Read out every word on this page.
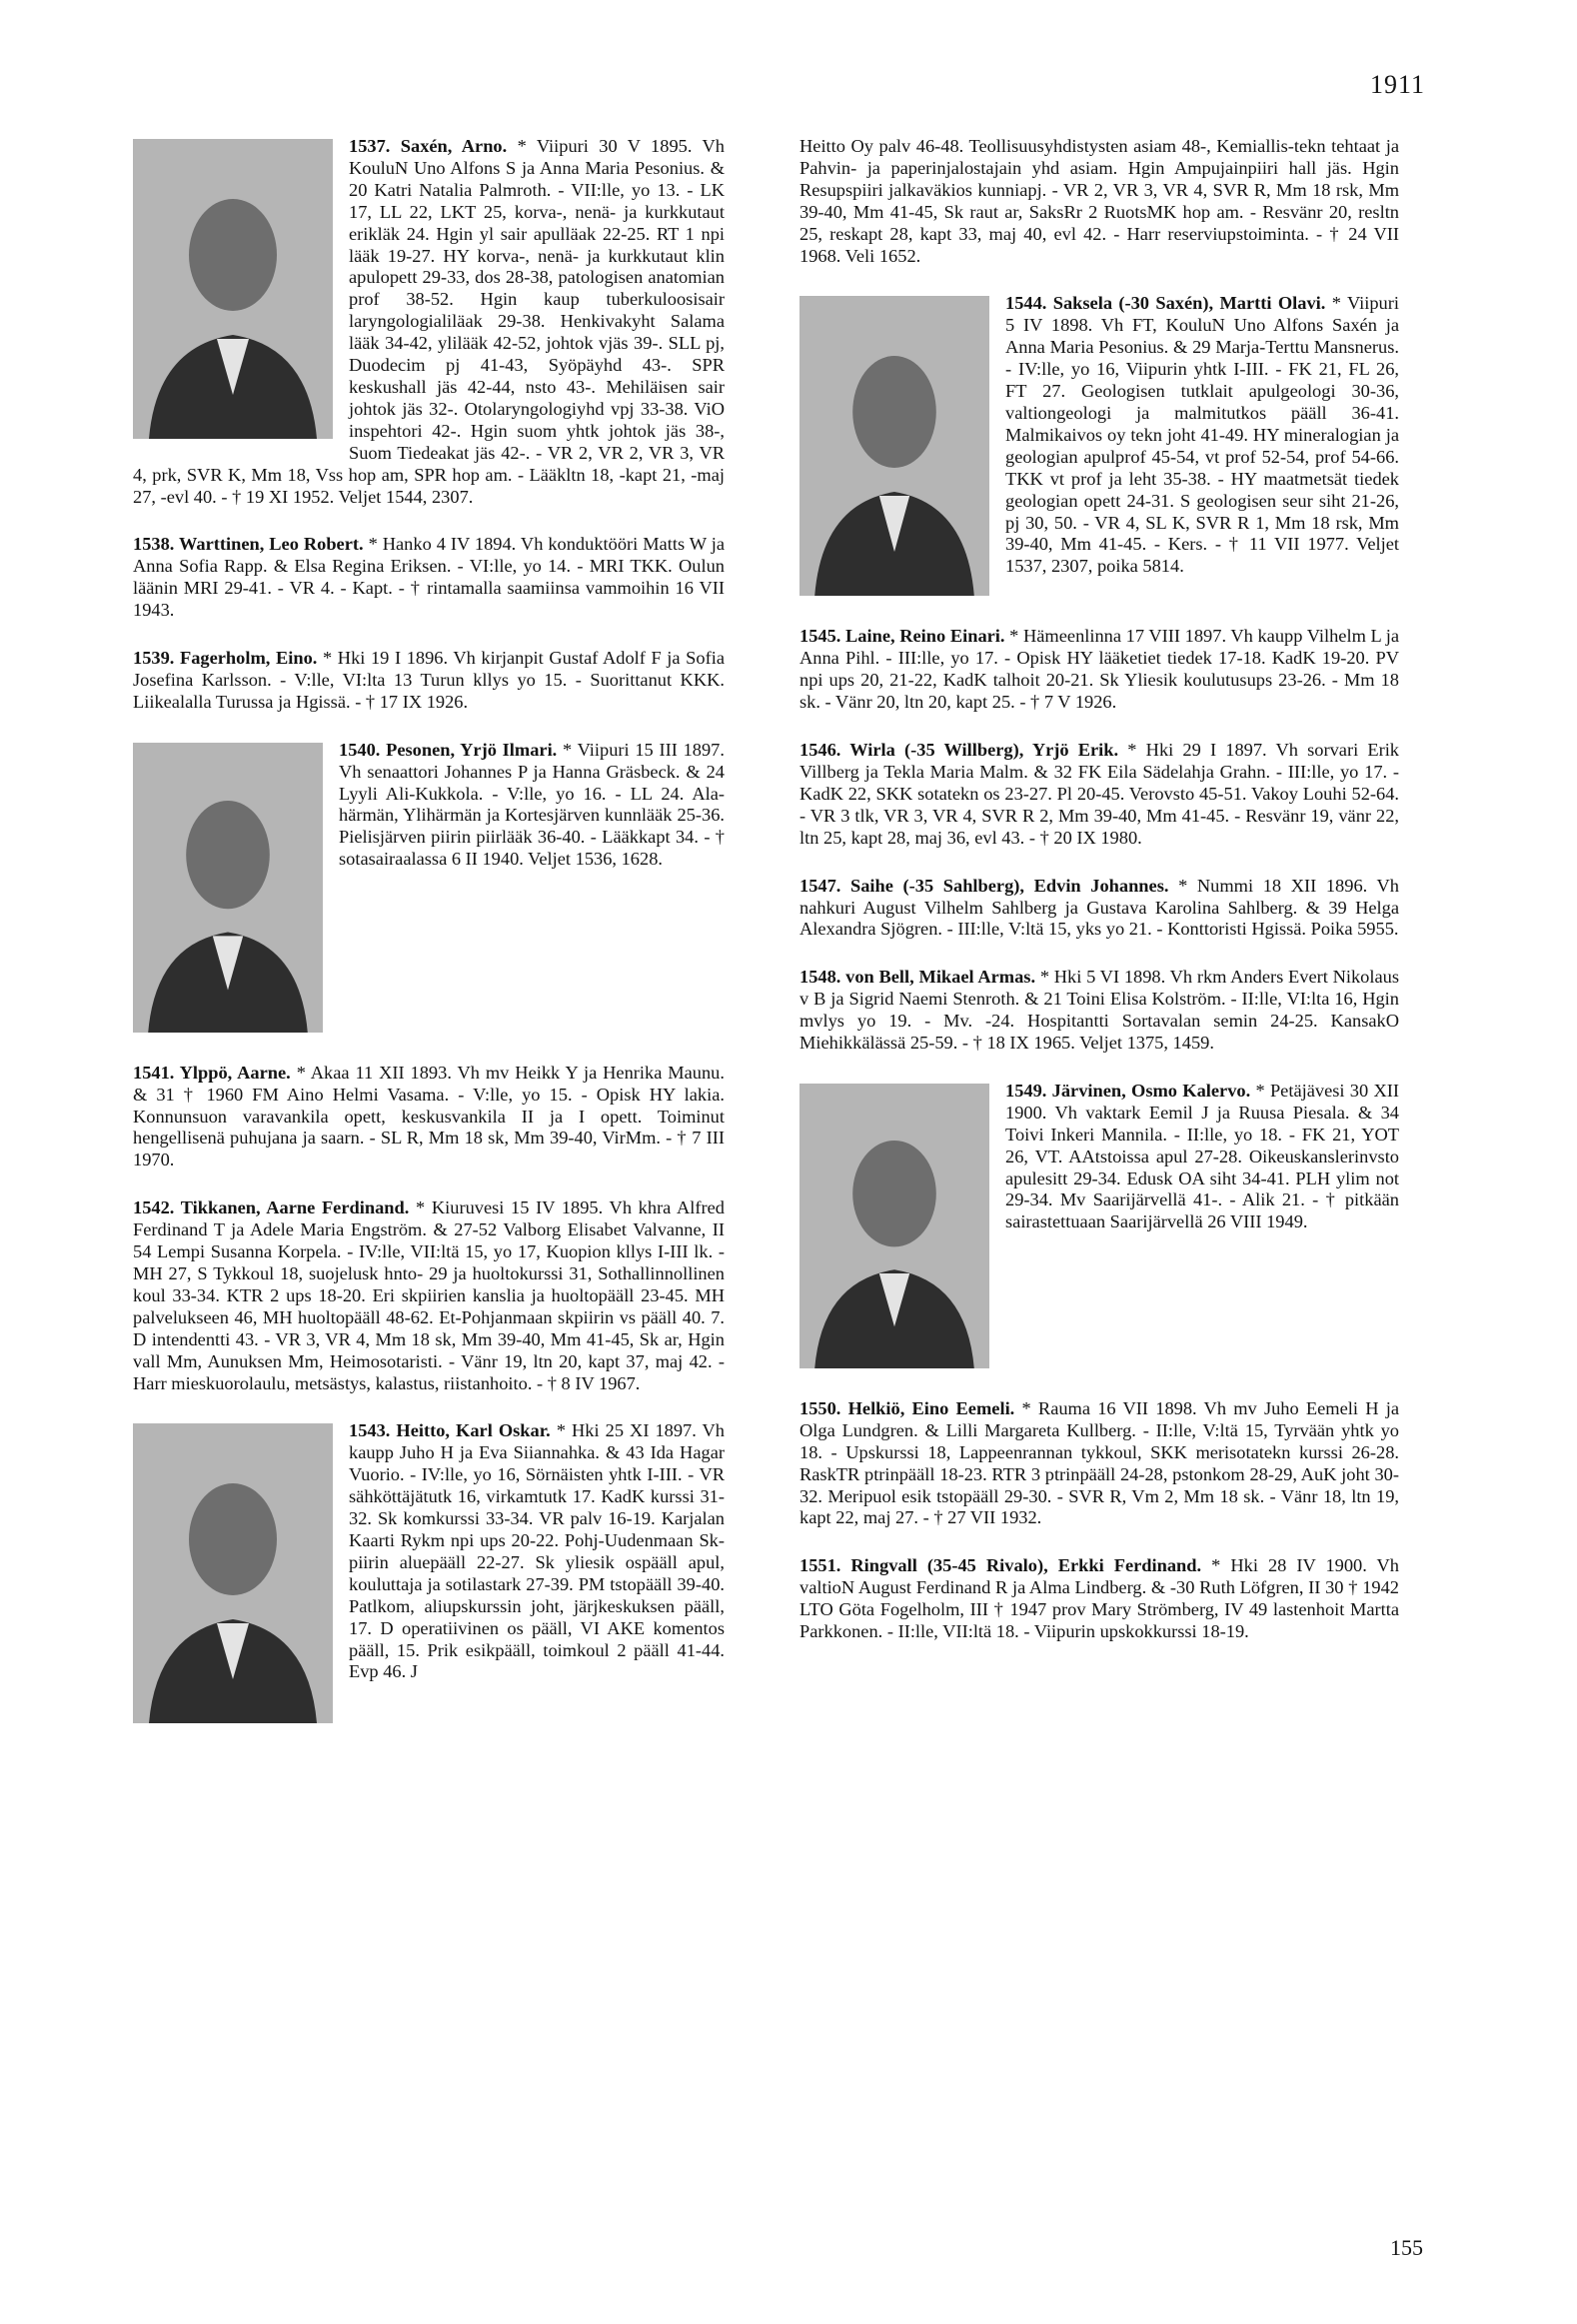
1911

1537. Saxén, Arno. * Viipuri 30 V 1895. Vh KouluN Uno Alfons S ja Anna Maria Pesonius. & 20 Katri Natalia Palmroth. - VII:lle, yo 13. - LK 17, LL 22, LKT 25, korva-, nenä- ja kurkkutaut erikläk 24. Hgin yl sair apulläak 22-25. RT 1 npi lääk 19-27. HY korva-, nenä- ja kurkkutaut klin apulopett 29-33, dos 28-38, patologisen anatomian prof 38-52. Hgin kaup tuberkuloosisair laryngologialiläak 29-38. Henkivakyht Salama lääk 34-42, ylilääk 42-52, johtok vjäs 39-. SLL pj, Duodecim pj 41-43, Syöpäyhd 43-. SPR keskushall jäs 42-44, nsto 43-. Mehiläisen sair johtok jäs 32-. Otolaryngologiyhd vpj 33-38. ViO inspehtori 42-. Hgin suom yhtk johtok jäs 38-, Suom Tiedeakat jäs 42-. - VR 2, VR 2, VR 3, VR 4, prk, SVR K, Mm 18, Vss hop am, SPR hop am. - Lääkltn 18, -kapt 21, -maj 27, -evl 40. - † 19 XI 1952. Veljet 1544, 2307.

1538. Warttinen, Leo Robert. * Hanko 4 IV 1894. Vh konduktööri Matts W ja Anna Sofia Rapp. & Elsa Regina Eriksen. - VI:lle, yo 14. - MRI TKK. Oulun läänin MRI 29-41. - VR 4. - Kapt. - † rintamalla saamiinsa vammoihin 16 VII 1943.

1539. Fagerholm, Eino. * Hki 19 I 1896. Vh kirjanpit Gustaf Adolf F ja Sofia Josefina Karlsson. - V:lle, VI:lta 13 Turun kllys yo 15. - Suorittanut KKK. Liikealalla Turussa ja Hgissä. - † 17 IX 1926.

1540. Pesonen, Yrjö Ilmari. * Viipuri 15 III 1897. Vh senaattori Johannes P ja Hanna Gräsbeck. & 24 Lyyli Ali-Kukkola. - V:lle, yo 16. - LL 24. Ala-härmän, Ylihärmän ja Kortesjärven kunnlääk 25-36. Pielisjärven piirin piirlääk 36-40. - Lääkkapt 34. - † sotasairaalassa 6 II 1940. Veljet 1536, 1628.

1541. Ylppö, Aarne. * Akaa 11 XII 1893. Vh mv Heikk Y ja Henrika Maunu. & 31 † 1960 FM Aino Helmi Vasama. - V:lle, yo 15. - Opisk HY lakia. Konnunsuon varavankila opett, keskusvankila II ja I opett. Toiminut hengellisenä puhujana ja saarn. - SL R, Mm 18 sk, Mm 39-40, VirMm. - † 7 III 1970.

1542. Tikkanen, Aarne Ferdinand. * Kiuruvesi 15 IV 1895. Vh khra Alfred Ferdinand T ja Adele Maria Engström. & 27-52 Valborg Elisabet Valvanne, II 54 Lempi Susanna Korpela. - IV:lle, VII:ltä 15, yo 17, Kuopion kllys I-III lk. - MH 27, S Tykkoul 18, suojelusk hnto- 29 ja huoltokurssi 31, Sothallinnollinen koul 33-34. KTR 2 ups 18-20. Eri skpiirien kanslia ja huoltopääll 23-45. MH palvelukseen 46, MH huoltopääll 48-62. Et-Pohjanmaan skpiirin vs pääll 40. 7. D intendentti 43. - VR 3, VR 4, Mm 18 sk, Mm 39-40, Mm 41-45, Sk ar, Hgin vall Mm, Aunuksen Mm, Heimosotaristi. - Vänr 19, ltn 20, kapt 37, maj 42. - Harr mieskuorolaulu, metsästys, kalastus, riistanhoito. - † 8 IV 1967.

1543. Heitto, Karl Oskar. * Hki 25 XI 1897. Vh kaupp Juho H ja Eva Siiannahka. & 43 Ida Hagar Vuorio. - IV:lle, yo 16, Sörnäisten yhtk I-III. - VR sähköttäjätutk 16, virkamtutk 17. KadK kurssi 31-32. Sk komkurssi 33-34. VR palv 16-19. Karjalan Kaarti Rykm npi ups 20-22. Pohj-Uudenmaan Sk-piirin aluepääll 22-27. Sk yliesik ospääll apul, kouluttaja ja sotilastark 27-39. PM tstopääll 39-40. Patlkom, aliupskurssin joht, järjkeskuksen pääll, 17. D operatiivinen os pääll, VI AKE komentos pääll, 15. Prik esikpääll, toimkoul 2 pääll 41-44. Evp 46. J

Heitto Oy palv 46-48. Teollisuusyhdistysten asiam 48-, Kemiallis-tekn tehtaat ja Pahvin- ja paperinjalostajain yhd asiam. Hgin Ampujainpiiri hall jäs. Hgin Resupspiiri jalkaväkios kunniapj. - VR 2, VR 3, VR 4, SVR R, Mm 18 rsk, Mm 39-40, Mm 41-45, Sk raut ar, SaksRr 2 RuotsMK hop am. - Resvänr 20, resltn 25, reskapt 28, kapt 33, maj 40, evl 42. - Harr reserviupstoiminta. - † 24 VII 1968. Veli 1652.

1544. Saksela (-30 Saxén), Martti Olavi. * Viipuri 5 IV 1898. Vh FT, KouluN Uno Alfons Saxén ja Anna Maria Pesonius. & 29 Marja-Terttu Mansnerus. - IV:lle, yo 16, Viipurin yhtk I-III. - FK 21, FL 26, FT 27. Geologisen tutklait apulgeologi 30-36, valtiongeologi ja malmitutkos pääll 36-41. Malmikaivos oy tekn joht 41-49. HY mineralogian ja geologian apulprof 45-54, vt prof 52-54, prof 54-66. TKK vt prof ja leht 35-38. - HY maatmetsät tiedek geologian opett 24-31. S geologisen seur siht 21-26, pj 30, 50. - VR 4, SL K, SVR R 1, Mm 18 rsk, Mm 39-40, Mm 41-45. - Kers. - † 11 VII 1977. Veljet 1537, 2307, poika 5814.

1545. Laine, Reino Einari. * Hämeenlinna 17 VIII 1897. Vh kaupp Vilhelm L ja Anna Pihl. - III:lle, yo 17. - Opisk HY lääketiet tiedek 17-18. KadK 19-20. PV npi ups 20, 21-22, KadK talhoit 20-21. Sk Yliesik koulutusups 23-26. - Mm 18 sk. - Vänr 20, ltn 20, kapt 25. - † 7 V 1926.

1546. Wirla (-35 Willberg), Yrjö Erik. * Hki 29 I 1897. Vh sorvari Erik Villberg ja Tekla Maria Malm. & 32 FK Eila Sädelahja Grahn. - III:lle, yo 17. - KadK 22, SKK sotatekn os 23-27. Pl 20-45. Verovsto 45-51. Vakoy Louhi 52-64. - VR 3 tlk, VR 3, VR 4, SVR R 2, Mm 39-40, Mm 41-45. - Resvänr 19, vänr 22, ltn 25, kapt 28, maj 36, evl 43. - † 20 IX 1980.

1547. Saihe (-35 Sahlberg), Edvin Johannes. * Nummi 18 XII 1896. Vh nahkuri August Vilhelm Sahlberg ja Gustava Karolina Sahlberg. & 39 Helga Alexandra Sjögren. - III:lle, V:ltä 15, yks yo 21. - Konttoristi Hgissä. Poika 5955.

1548. von Bell, Mikael Armas. * Hki 5 VI 1898. Vh rkm Anders Evert Nikolaus v B ja Sigrid Naemi Stenroth. & 21 Toini Elisa Kolström. - II:lle, VI:lta 16, Hgin mvlys yo 19. - Mv. -24. Hospitantti Sortavalan semin 24-25. KansakO Miehikkälässä 25-59. - † 18 IX 1965. Veljet 1375, 1459.

1549. Järvinen, Osmo Kalervo. * Petäjävesi 30 XII 1900. Vh vaktark Eemil J ja Ruusa Piesala. & 34 Toivi Inkeri Mannila. - II:lle, yo 18. - FK 21, YOT 26, VT. AAtstoissa apul 27-28. Oikeuskanslerinvsto apulesitt 29-34. Edusk OA siht 34-41. PLH ylim not 29-34. Mv Saarijärvellä 41-. - Alik 21. - † pitkään sairastettuaan Saarijärvellä 26 VIII 1949.

1550. Helkiö, Eino Eemeli. * Rauma 16 VII 1898. Vh mv Juho Eemeli H ja Olga Lundgren. & Lilli Margareta Kullberg. - II:lle, V:ltä 15, Tyrvään yhtk yo 18. - Upskurssi 18, Lappeenrannan tykkoul, SKK merisotatekn kurssi 26-28. RaskTR ptrinpääll 18-23. RTR 3 ptrinpääll 24-28, pstonkom 28-29, AuK joht 30-32. Meripuol esik tstopääll 29-30. - SVR R, Vm 2, Mm 18 sk. - Vänr 18, ltn 19, kapt 22, maj 27. - † 27 VII 1932.

1551. Ringvall (35-45 Rivalo), Erkki Ferdinand. * Hki 28 IV 1900. Vh valtioN August Ferdinand R ja Alma Lindberg. & -30 Ruth Löfgren, II 30 † 1942 LTO Göta Fogelholm, III † 1947 prov Mary Strömberg, IV 49 lastenhoit Martta Parkkonen. - II:lle, VII:ltä 18. - Viipurin upskokkurssi 18-19.

155
